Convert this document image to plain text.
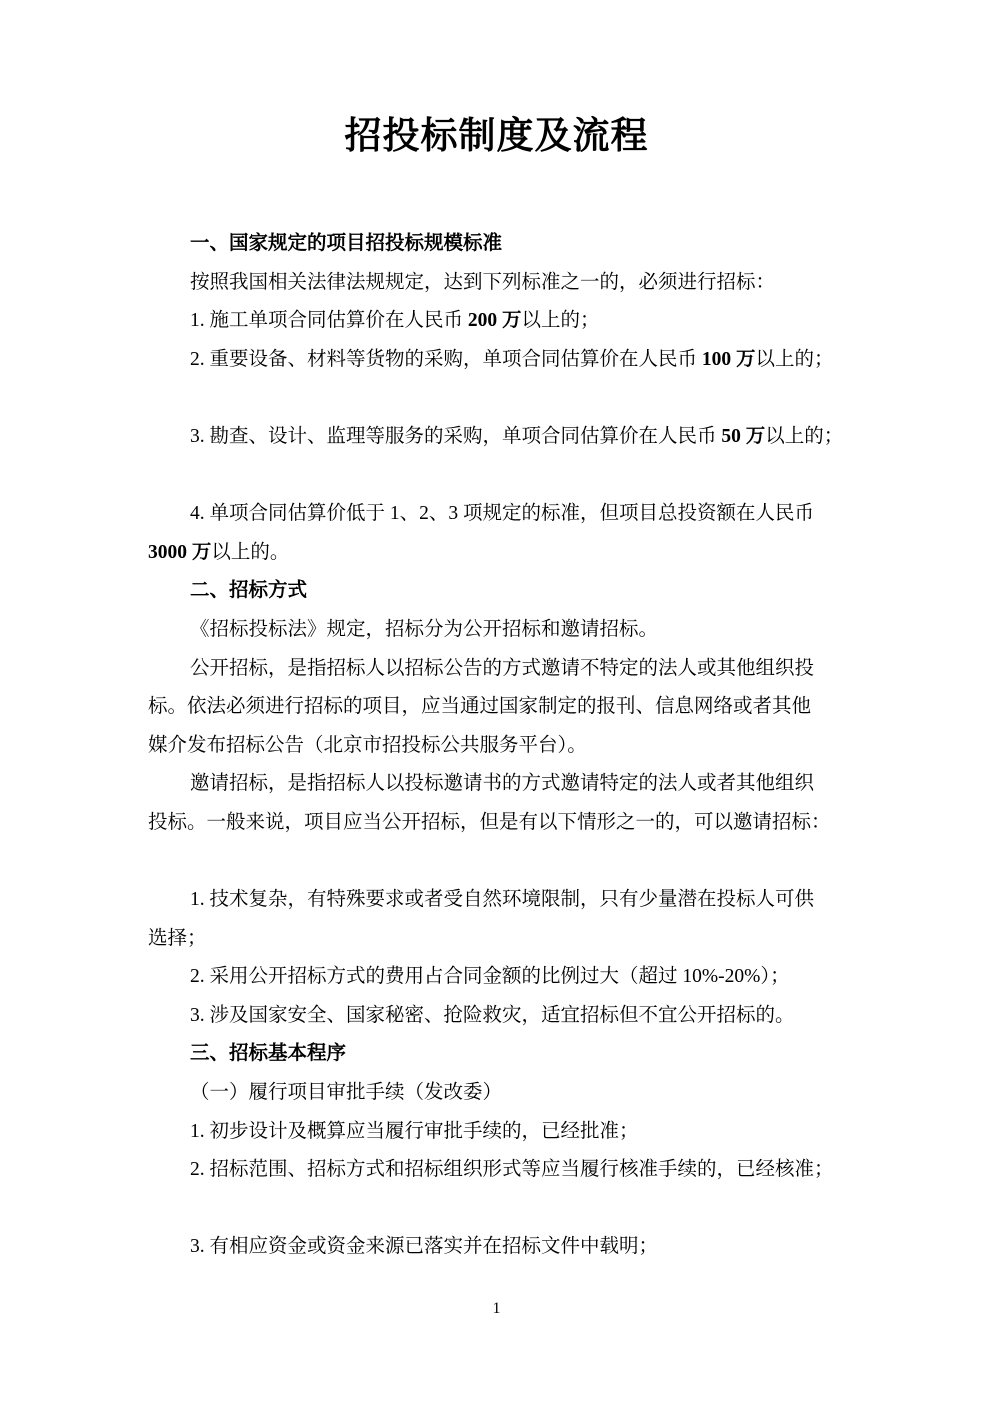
招投标制度及流程
一、国家规定的项目招投标规模标准
按照我国相关法律法规规定，达到下列标准之一的，必须进行招标：
1. 施工单项合同估算价在人民币 200 万以上的；
2. 重要设备、材料等货物的采购，单项合同估算价在人民币 100 万以上的；
3. 勘查、设计、监理等服务的采购，单项合同估算价在人民币 50 万以上的；
4. 单项合同估算价低于 1、2、3 项规定的标准，但项目总投资额在人民币
3000 万以上的。
二、招标方式
《招标投标法》规定，招标分为公开招标和邀请招标。
公开招标，是指招标人以招标公告的方式邀请不特定的法人或其他组织投
标。依法必须进行招标的项目，应当通过国家制定的报刊、信息网络或者其他
媒介发布招标公告（北京市招投标公共服务平台）。
邀请招标，是指招标人以投标邀请书的方式邀请特定的法人或者其他组织
投标。一般来说，项目应当公开招标，但是有以下情形之一的，可以邀请招标：
1. 技术复杂，有特殊要求或者受自然环境限制，只有少量潜在投标人可供
选择；
2. 采用公开招标方式的费用占合同金额的比例过大（超过 10%-20%）；
3. 涉及国家安全、国家秘密、抢险救灾，适宜招标但不宜公开招标的。
三、招标基本程序
（一）履行项目审批手续（发改委）
1. 初步设计及概算应当履行审批手续的，已经批准；
2. 招标范围、招标方式和招标组织形式等应当履行核准手续的，已经核准；
3. 有相应资金或资金来源已落实并在招标文件中载明；
1
